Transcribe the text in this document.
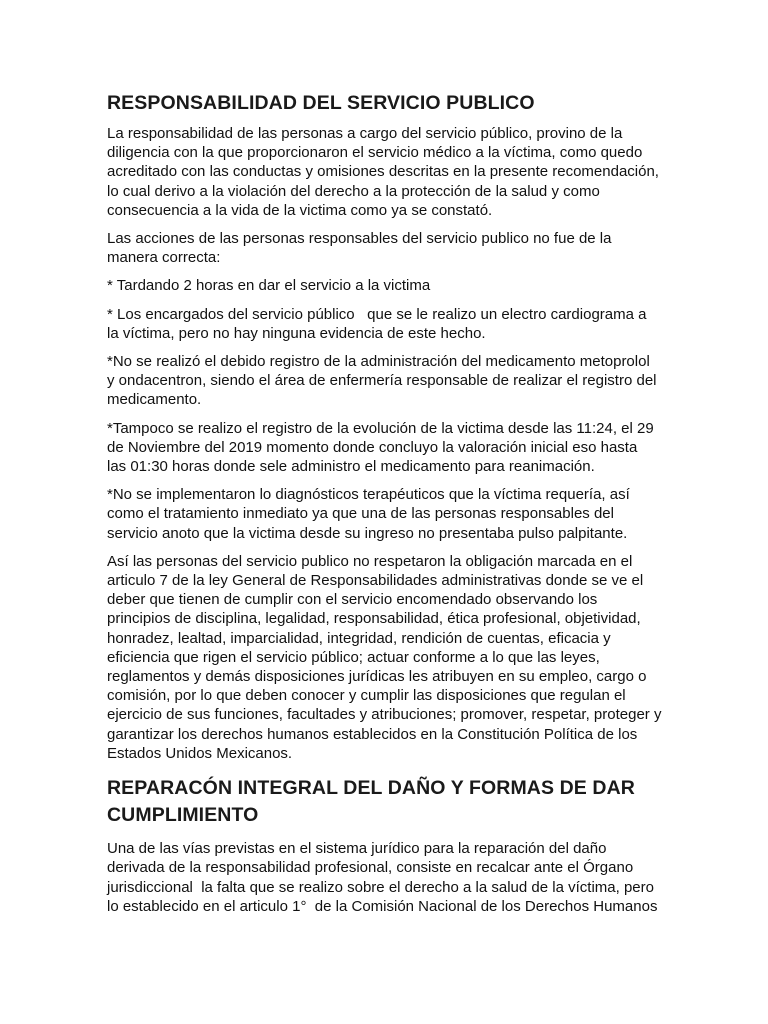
RESPONSABILIDAD DEL SERVICIO PUBLICO

La responsabilidad de las personas a cargo del servicio público, provino de la
diligencia con la que proporcionaron el servicio médico a la víctima, como quedo
acreditado con las conductas y omisiones descritas en la presente recomendación,
lo cual derivo a la violación del derecho a la protección de la salud y como
consecuencia a la vida de la victima como ya se constató.

Las acciones de las personas responsables del servicio publico no fue de la
manera correcta:

* Tardando 2 horas en dar el servicio a la victima

* Los encargados del servicio público   que se le realizo un electro cardiograma a
la víctima, pero no hay ninguna evidencia de este hecho.

*No se realizó el debido registro de la administración del medicamento metoprolol
y ondacentron, siendo el área de enfermería responsable de realizar el registro del
medicamento.

*Tampoco se realizo el registro de la evolución de la victima desde las 11:24, el 29
de Noviembre del 2019 momento donde concluyo la valoración inicial eso hasta
las 01:30 horas donde sele administro el medicamento para reanimación.

*No se implementaron lo diagnósticos terapéuticos que la víctima requería, así
como el tratamiento inmediato ya que una de las personas responsables del
servicio anoto que la victima desde su ingreso no presentaba pulso palpitante.

Así las personas del servicio publico no respetaron la obligación marcada en el
articulo 7 de la ley General de Responsabilidades administrativas donde se ve el
deber que tienen de cumplir con el servicio encomendado observando los
principios de disciplina, legalidad, responsabilidad, ética profesional, objetividad,
honradez, lealtad, imparcialidad, integridad, rendición de cuentas, eficacia y
eficiencia que rigen el servicio público; actuar conforme a lo que las leyes,
reglamentos y demás disposiciones jurídicas les atribuyen en su empleo, cargo o
comisión, por lo que deben conocer y cumplir las disposiciones que regulan el
ejercicio de sus funciones, facultades y atribuciones; promover, respetar, proteger y
garantizar los derechos humanos establecidos en la Constitución Política de los
Estados Unidos Mexicanos.

REPARACÓN INTEGRAL DEL DAÑO Y FORMAS DE DAR
CUMPLIMIENTO

Una de las vías previstas en el sistema jurídico para la reparación del daño
derivada de la responsabilidad profesional, consiste en recalcar ante el Órgano
jurisdiccional  la falta que se realizo sobre el derecho a la salud de la víctima, pero
lo establecido en el articulo 1°  de la Comisión Nacional de los Derechos Humanos
